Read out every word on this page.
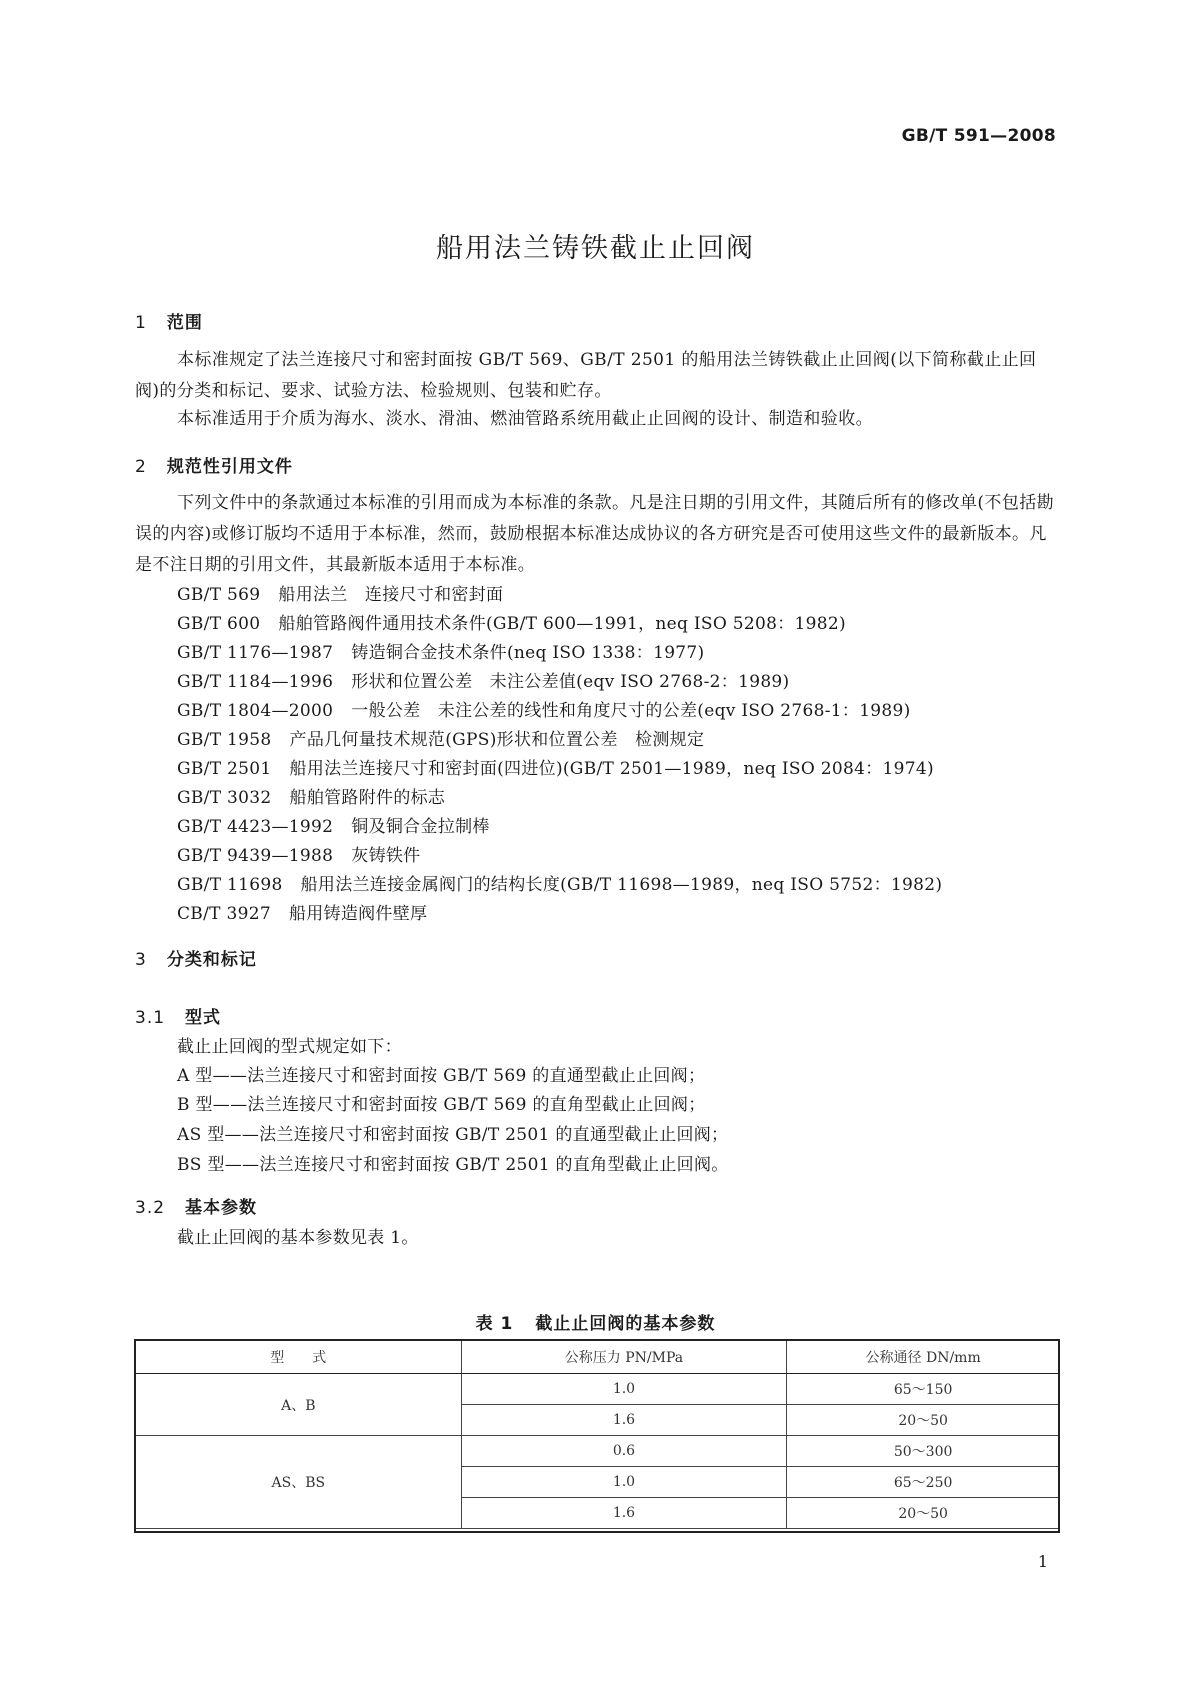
GB/T 591—2008
船用法兰铸铁截止止回阀
1 范围
本标准规定了法兰连接尺寸和密封面按 GB/T 569、GB/T 2501 的船用法兰铸铁截止止回阀(以下简称截止止回阀)的分类和标记、要求、试验方法、检验规则、包装和贮存。
本标准适用于介质为海水、淡水、滑油、燃油管路系统用截止止回阀的设计、制造和验收。
2 规范性引用文件
下列文件中的条款通过本标准的引用而成为本标准的条款。凡是注日期的引用文件，其随后所有的修改单(不包括勘误的内容)或修订版均不适用于本标准，然而，鼓励根据本标准达成协议的各方研究是否可使用这些文件的最新版本。凡是不注日期的引用文件，其最新版本适用于本标准。
GB/T 569 船用法兰　连接尺寸和密封面
GB/T 600 船舶管路阀件通用技术条件(GB/T 600—1991，neq ISO 5208：1982)
GB/T 1176—1987 铸造铜合金技术条件(neq ISO 1338：1977)
GB/T 1184—1996 形状和位置公差　未注公差值(eqv ISO 2768-2：1989)
GB/T 1804—2000 一般公差　未注公差的线性和角度尺寸的公差(eqv ISO 2768-1：1989)
GB/T 1958 产品几何量技术规范(GPS)形状和位置公差　检测规定
GB/T 2501 船用法兰连接尺寸和密封面(四进位)(GB/T 2501—1989，neq ISO 2084：1974)
GB/T 3032 船舶管路附件的标志
GB/T 4423—1992 铜及铜合金拉制棒
GB/T 9439—1988 灰铸铁件
GB/T 11698 船用法兰连接金属阀门的结构长度(GB/T 11698—1989，neq ISO 5752：1982)
CB/T 3927 船用铸造阀件壁厚
3 分类和标记
3.1 型式
截止止回阀的型式规定如下：
A 型——法兰连接尺寸和密封面按 GB/T 569 的直通型截止止回阀；
B 型——法兰连接尺寸和密封面按 GB/T 569 的直角型截止止回阀；
AS 型——法兰连接尺寸和密封面按 GB/T 2501 的直通型截止止回阀；
BS 型——法兰连接尺寸和密封面按 GB/T 2501 的直角型截止止回阀。
3.2 基本参数
截止止回阀的基本参数见表 1。
表 1 截止止回阀的基本参数
型　　式	公称压力 PN/MPa	公称通径 DN/mm
A、B	1.0	65～150
	1.6	20～50
AS、BS	0.6	50～300
	1.0	65～250
	1.6	20～50
1
